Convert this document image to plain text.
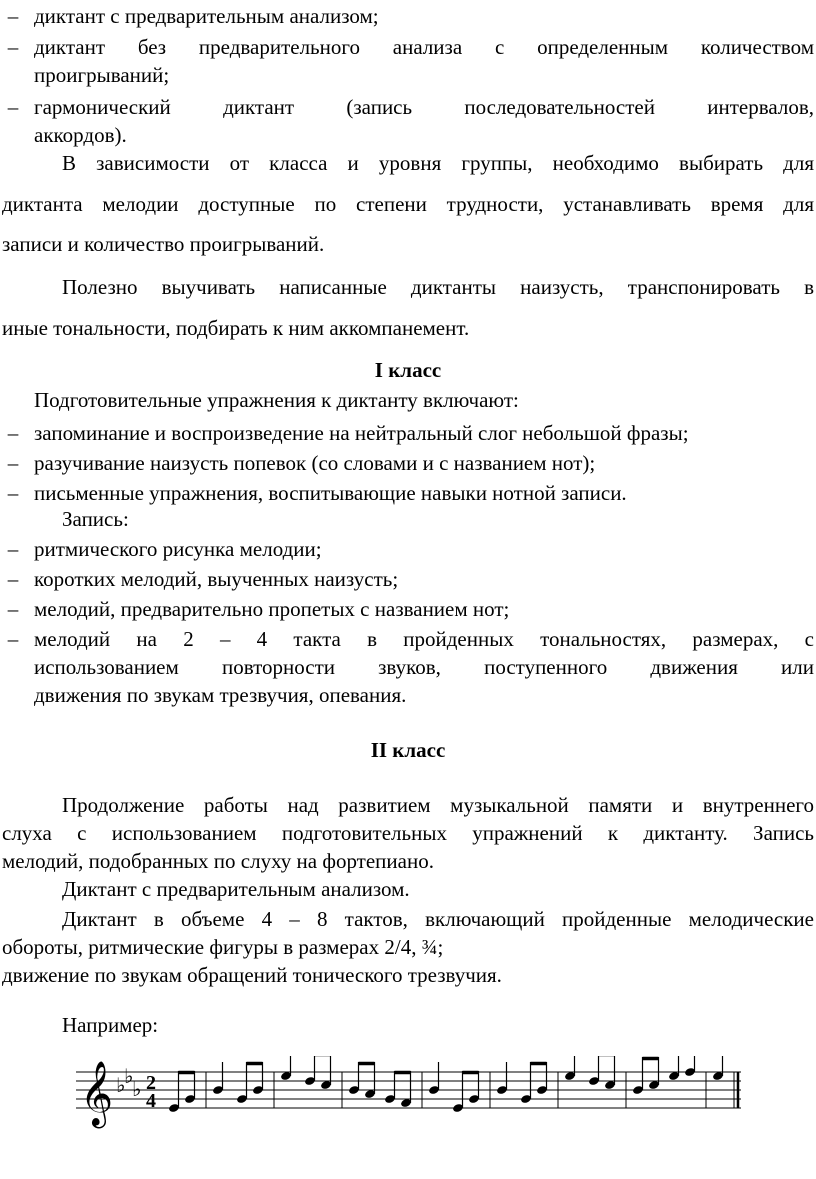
– диктант с предварительным анализом;
– диктант без предварительного анализа с определенным количеством
проигрываний;
– гармонический диктант (запись последовательностей интервалов,
аккордов).
В зависимости от класса и уровня группы, необходимо выбирать для
диктанта мелодии доступные по степени трудности, устанавливать время для
записи и количество проигрываний.
Полезно выучивать написанные диктанты наизусть, транспонировать в
иные тональности, подбирать к ним аккомпанемент.
I класс
Подготовительные упражнения к диктанту включают:
– запоминание и воспроизведение на нейтральный слог небольшой фразы;
– разучивание наизусть попевок (со словами и с названием нот);
– письменные упражнения, воспитывающие навыки нотной записи.
Запись:
– ритмического рисунка мелодии;
– коротких мелодий, выученных наизусть;
– мелодий, предварительно пропетых с названием нот;
– мелодий на 2 – 4 такта в пройденных тональностях, размерах, с
использованием повторности звуков, поступенного движения или
движения по звукам трезвучия, опевания.
II класс
Продолжение работы над развитием музыкальной памяти и внутреннего
слуха с использованием подготовительных упражнений к диктанту. Запись
мелодий, подобранных по слуху на фортепиано.
Диктант с предварительным анализом.
Диктант в объеме 4 – 8 тактов, включающий пройденные мелодические
обороты, ритмические фигуры в размерах 2/4, ¾;
движение по звукам обращений тонического трезвучия.
Например:
𝄞 ♭
♭
♭ 2
4
